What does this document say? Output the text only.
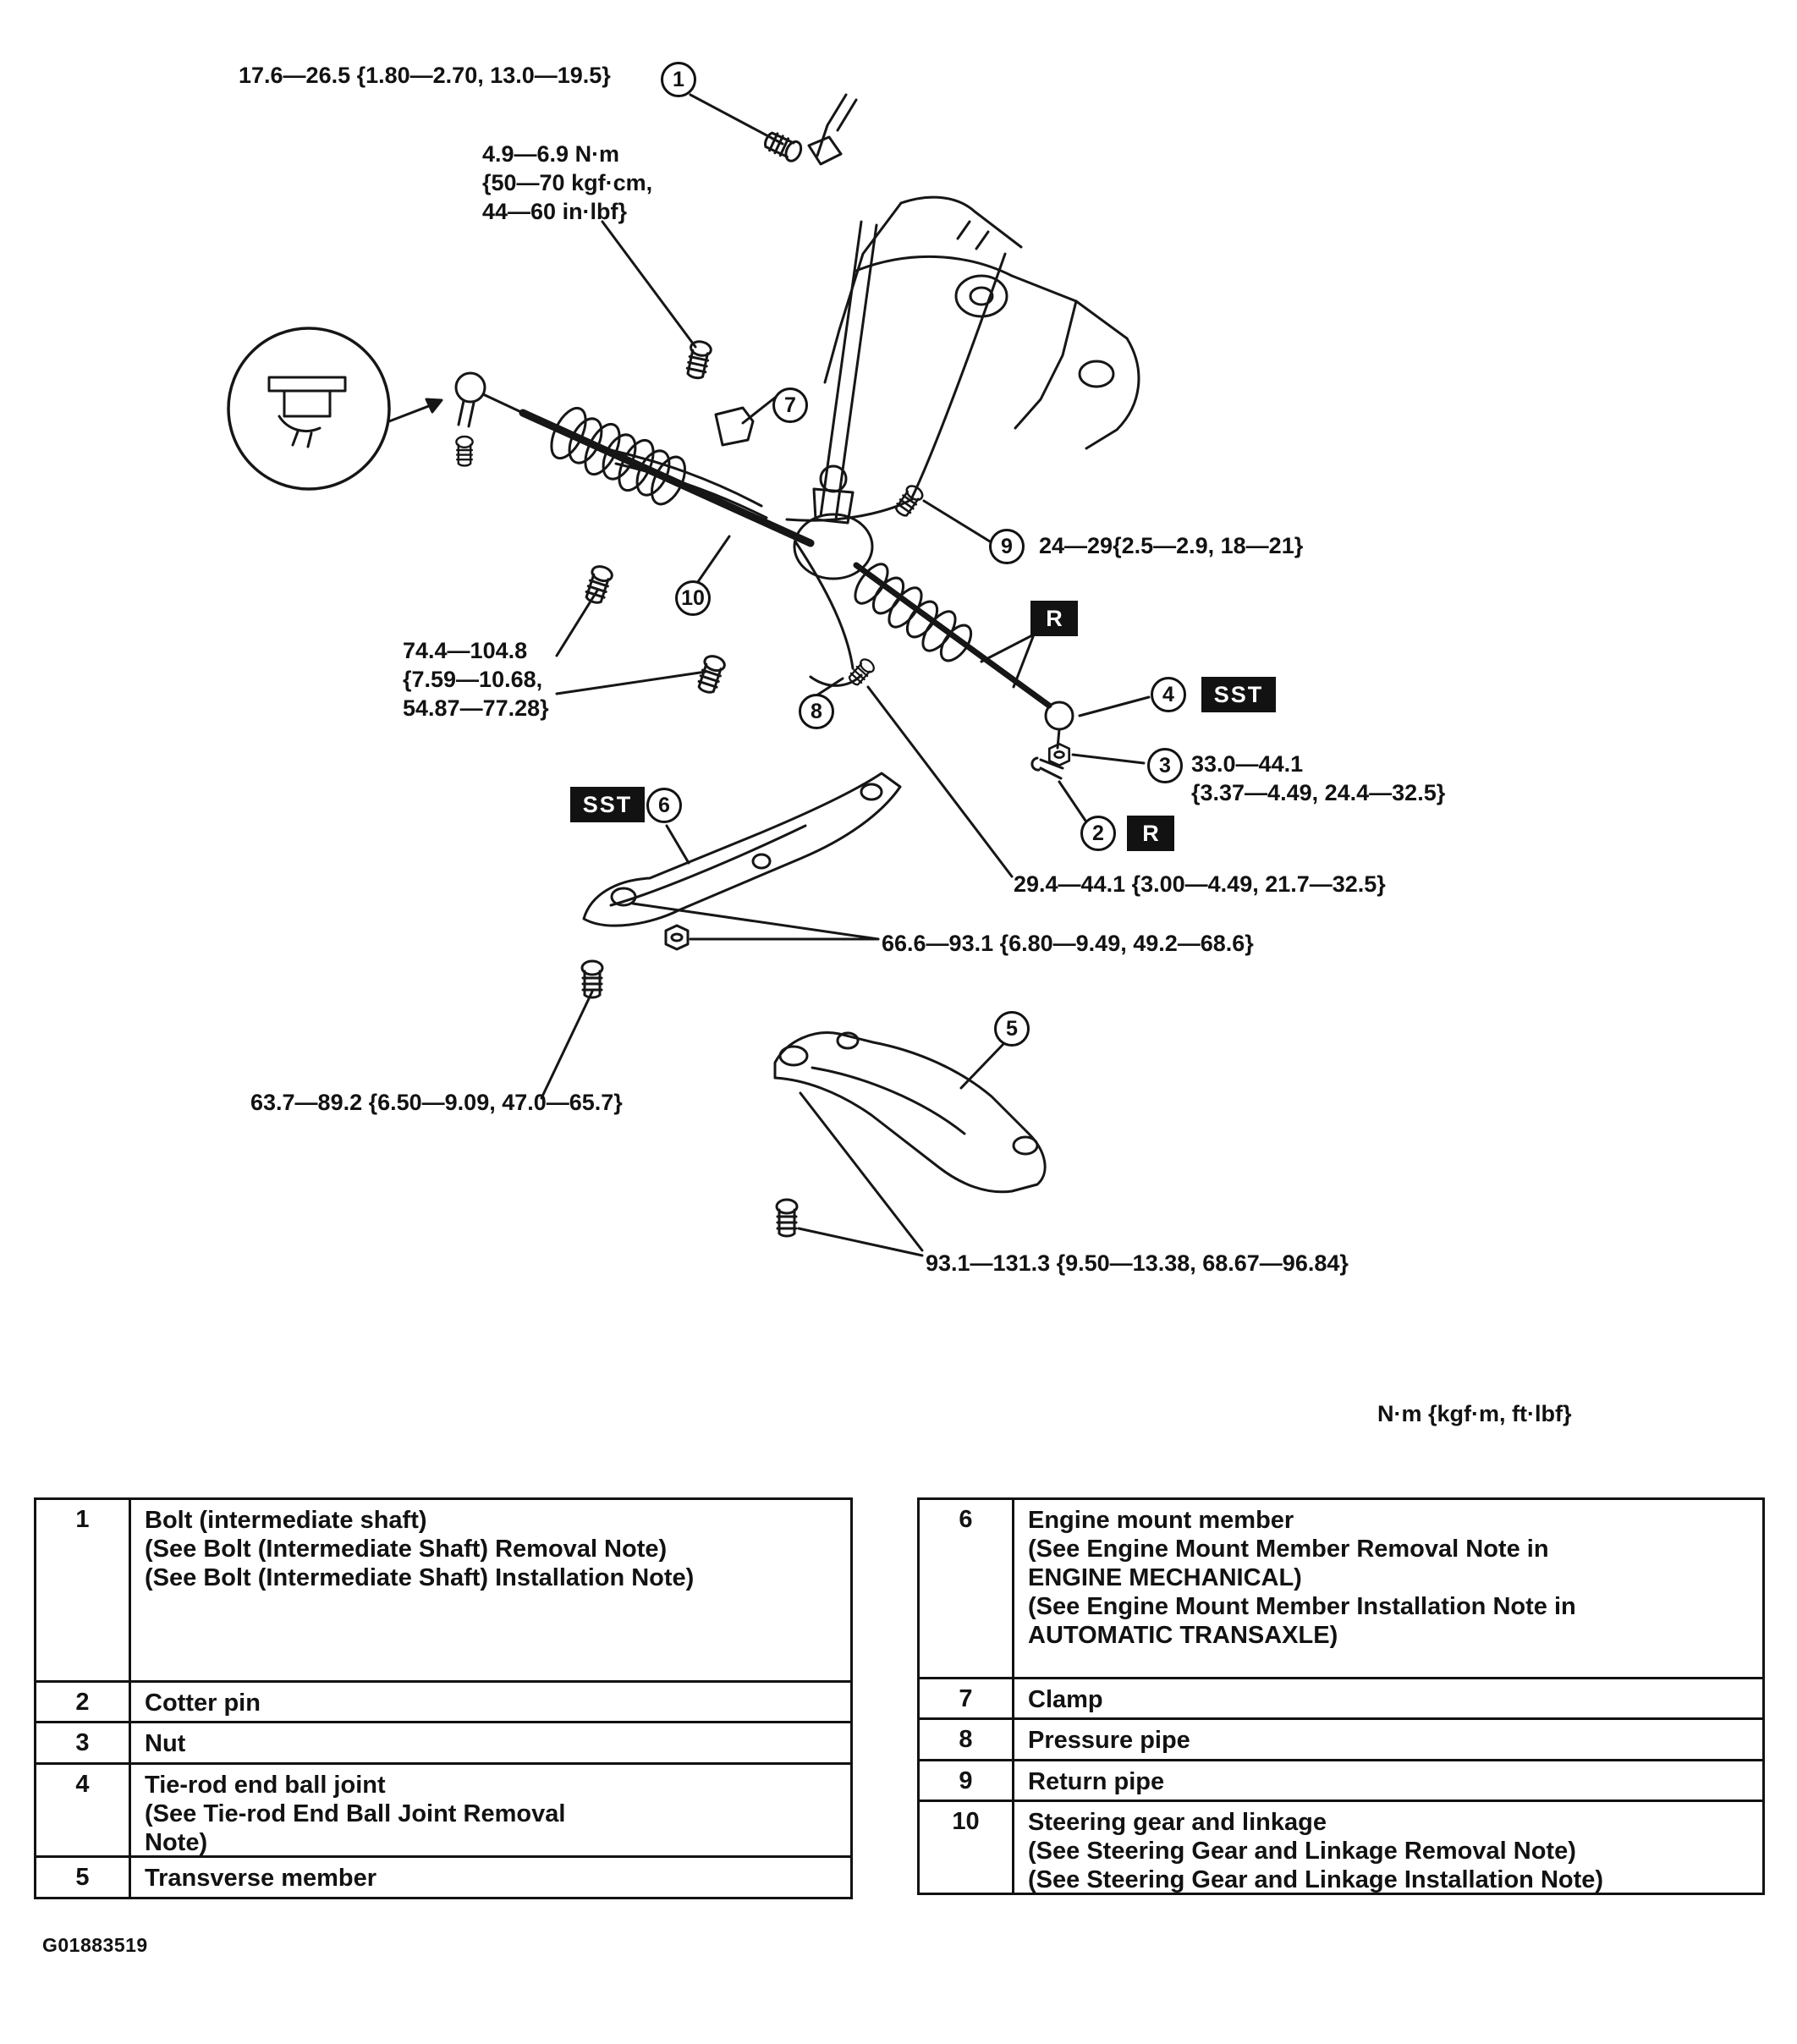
1
7
9
10
4
3
8
6
2
5
SST
SST
R
R
17.6—26.5 {1.80—2.70, 13.0—19.5}
4.9—6.9 N·m
{50—70 kgf·cm,
44—60 in·lbf}
24—29{2.5—2.9, 18—21}
74.4—104.8
{7.59—10.68,
54.87—77.28}
33.0—44.1
{3.37—4.49, 24.4—32.5}
29.4—44.1 {3.00—4.49, 21.7—32.5}
66.6—93.1 {6.80—9.49, 49.2—68.6}
63.7—89.2 {6.50—9.09, 47.0—65.7}
93.1—131.3 {9.50—13.38, 68.67—96.84}
N·m {kgf·m, ft·lbf}
1	Bolt (intermediate shaft)
(See Bolt (Intermediate Shaft) Removal Note)
(See Bolt (Intermediate Shaft) Installation Note)
2	Cotter pin
3	Nut
4	Tie-rod end ball joint
(See Tie-rod End Ball Joint Removal
Note)
5	Transverse member
6	Engine mount member
(See Engine Mount Member Removal Note in
ENGINE MECHANICAL)
(See Engine Mount Member Installation Note in
AUTOMATIC TRANSAXLE)
7	Clamp
8	Pressure pipe
9	Return pipe
10	Steering gear and linkage
(See Steering Gear and Linkage Removal Note)
(See Steering Gear and Linkage Installation Note)
G01883519
